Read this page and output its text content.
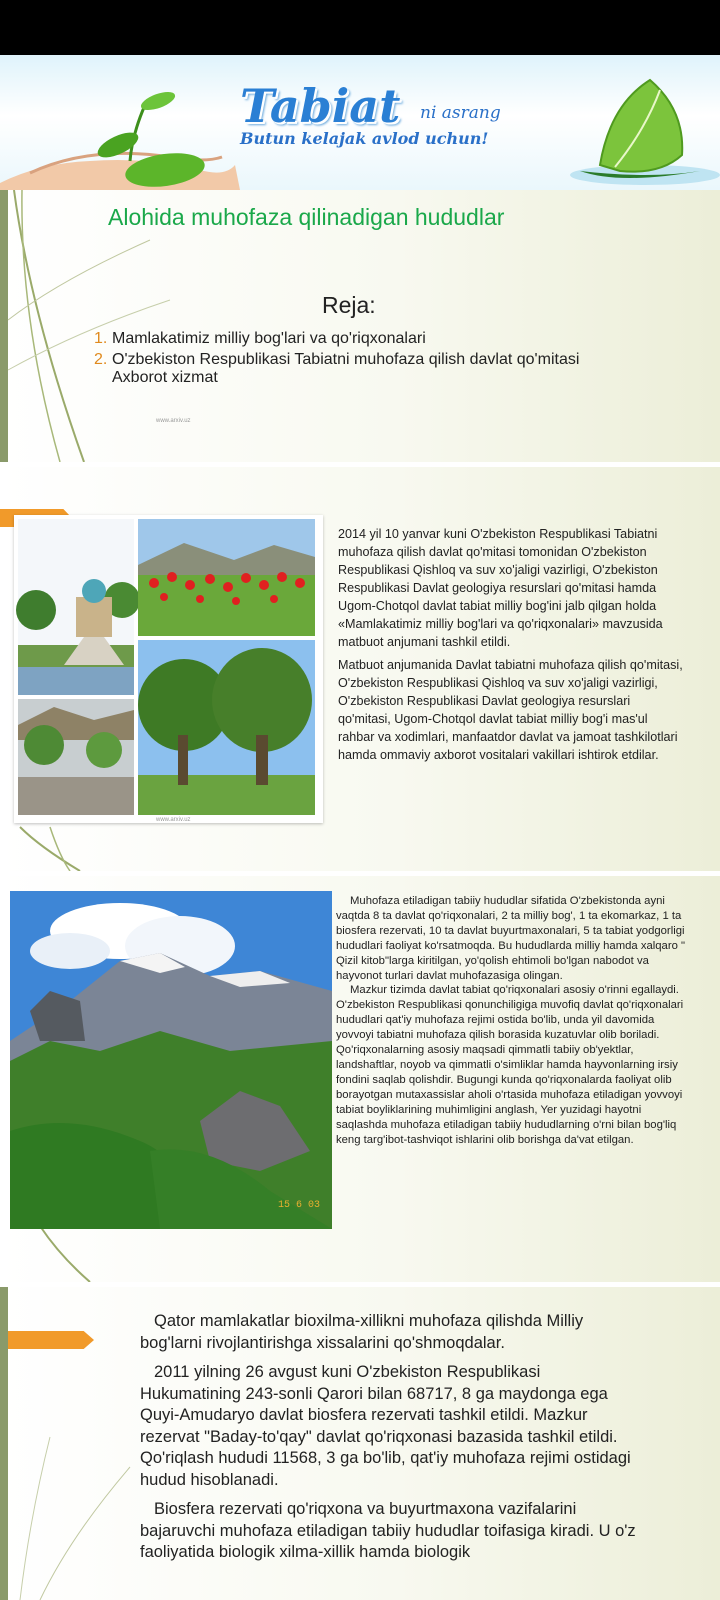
Tabiat ni asrang
Butun kelajak avlod uchun!
Alohida muhofaza qilinadigan hududlar
Reja:
1. Mamlakatimiz milliy bog'lari va qo'riqxonalari
2. O'zbekiston Respublikasi Tabiatni muhofaza qilish davlat qo'mitasi Axborot xizmat
www.arxiv.uz

2014 yil 10 yanvar kuni O'zbekiston Respublikasi Tabiatni muhofaza qilish davlat qo'mitasi tomonidan O'zbekiston Respublikasi Qishloq va suv xo'jaligi vazirligi, O'zbekiston Respublikasi Davlat geologiya resurslari qo'mitasi hamda Ugom-Chotqol davlat tabiat milliy bog'ini jalb qilgan holda «Mamlakatimiz milliy bog'lari va qo'riqxonalari» mavzusida matbuot anjumani tashkil etildi.

Matbuot anjumanida Davlat tabiatni muhofaza qilish qo'mitasi, O'zbekiston Respublikasi Qishloq va suv xo'jaligi vazirligi, O'zbekiston Respublikasi Davlat geologiya resurslari qo'mitasi, Ugom-Chotqol davlat tabiat milliy bog'i mas'ul rahbar va xodimlari, manfaatdor davlat va jamoat tashkilotlari hamda ommaviy axborot vositalari vakillari ishtirok etdilar.

www.arxiv.uz
15 6 03

Muhofaza etiladigan tabiiy hududlar sifatida O'zbekistonda ayni vaqtda 8 ta davlat qo'riqxonalari, 2 ta milliy bog', 1 ta ekomarkaz, 1 ta biosfera rezervati, 10 ta davlat buyurtmaxonalari, 5 ta tabiat yodgorligi hududlari faoliyat ko'rsatmoqda. Bu hududlarda milliy hamda xalqaro " Qizil kitob"larga kiritilgan, yo'qolish ehtimoli bo'lgan nabodot va hayvonot turlari davlat muhofazasiga olingan.

Mazkur tizimda davlat tabiat qo'riqxonalari asosiy o'rinni egallaydi. O'zbekiston Respublikasi qonunchiligiga muvofiq davlat qo'riqxonalari hududlari qat'iy muhofaza rejimi ostida bo'lib, unda yil davomida yovvoyi tabiatni muhofaza qilish borasida kuzatuvlar olib boriladi. Qo'riqxonalarning asosiy maqsadi qimmatli tabiiy ob'yektlar, landshaftlar, noyob va qimmatli o'simliklar hamda hayvonlarning irsiy fondini saqlab qolishdir. Bugungi kunda qo'riqxonalarda faoliyat olib borayotgan mutaxassislar aholi o'rtasida muhofaza etiladigan yovvoyi tabiat boyliklarining muhimligini anglash, Yer yuzidagi hayotni saqlashda muhofaza etiladigan tabiiy hududlarning o'rni bilan bog'liq keng targ'ibot-tashviqot ishlarini olib borishga da'vat etilgan.

Qator mamlakatlar bioxilma-xillikni muhofaza qilishda Milliy bog'larni rivojlantirishga xissalarini qo'shmoqdalar.

2011 yilning 26 avgust kuni O'zbekiston Respublikasi Hukumatining 243-sonli Qarori bilan 68717, 8 ga maydonga ega Quyi-Amudaryo davlat biosfera rezervati tashkil etildi. Mazkur rezervat "Baday-to'qay" davlat qo'riqxonasi bazasida tashkil etildi. Qo'riqlash hududi 11568, 3 ga bo'lib, qat'iy muhofaza rejimi ostidagi hudud hisoblanadi.

Biosfera rezervati qo'riqxona va buyurtmaxona vazifalarini bajaruvchi muhofaza etiladigan tabiiy hududlar toifasiga kiradi. U o'z faoliyatida biologik xilma-xillik hamda biologik
